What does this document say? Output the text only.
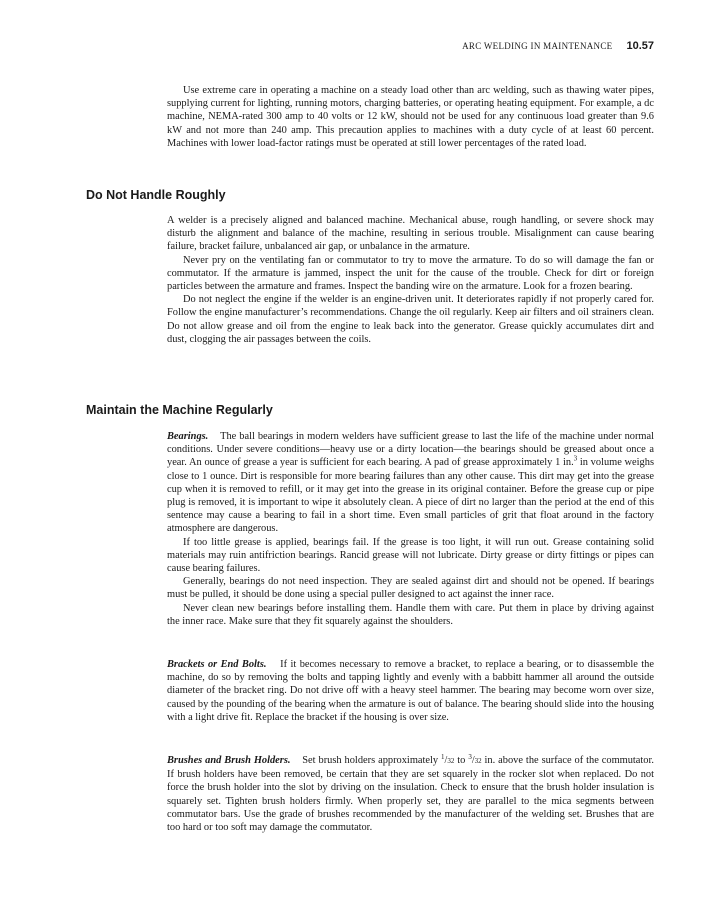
ARC WELDING IN MAINTENANCE 10.57

Use extreme care in operating a machine on a steady load other than arc welding, such as thawing water pipes, supplying current for lighting, running motors, charging batteries, or operating heating equipment. For example, a dc machine, NEMA-rated 300 amp to 40 volts or 12 kW, should not be used for any continuous load greater than 9.6 kW and not more than 240 amp. This precaution applies to machines with a duty cycle of at least 60 percent. Machines with lower load-factor ratings must be operated at still lower percentages of the rated load.

Do Not Handle Roughly

A welder is a precisely aligned and balanced machine. Mechanical abuse, rough handling, or severe shock may disturb the alignment and balance of the machine, resulting in serious trouble. Misalignment can cause bearing failure, bracket failure, unbalanced air gap, or unbalance in the armature.

Never pry on the ventilating fan or commutator to try to move the armature. To do so will damage the fan or commutator. If the armature is jammed, inspect the unit for the cause of the trouble. Check for dirt or foreign particles between the armature and frames. Inspect the banding wire on the armature. Look for a frozen bearing.

Do not neglect the engine if the welder is an engine-driven unit. It deteriorates rapidly if not properly cared for. Follow the engine manufacturer’s recommendations. Change the oil regularly. Keep air filters and oil strainers clean. Do not allow grease and oil from the engine to leak back into the generator. Grease quickly accumulates dirt and dust, clogging the air passages between the coils.

Maintain the Machine Regularly

Bearings. The ball bearings in modern welders have sufficient grease to last the life of the machine under normal conditions. Under severe conditions—heavy use or a dirty location—the bearings should be greased about once a year. An ounce of grease a year is sufficient for each bearing. A pad of grease approximately 1 in.$^3$ in volume weighs close to 1 ounce. Dirt is responsible for more bearing failures than any other cause. This dirt may get into the grease cup when it is removed to refill, or it may get into the grease in its original container. Before the grease cup or pipe plug is removed, it is important to wipe it absolutely clean. A piece of dirt no larger than the period at the end of this sentence may cause a bearing to fail in a short time. Even small particles of grit that float around in the factory atmosphere are dangerous.

If too little grease is applied, bearings fail. If the grease is too light, it will run out. Grease containing solid materials may ruin antifriction bearings. Rancid grease will not lubricate. Dirty grease or dirty fittings or pipes can cause bearing failures.

Generally, bearings do not need inspection. They are sealed against dirt and should not be opened. If bearings must be pulled, it should be done using a special puller designed to act against the inner race.

Never clean new bearings before installing them. Handle them with care. Put them in place by driving against the inner race. Make sure that they fit squarely against the shoulders.

Brackets or End Bolts. If it becomes necessary to remove a bracket, to replace a bearing, or to disassemble the machine, do so by removing the bolts and tapping lightly and evenly with a babbitt hammer all around the outside diameter of the bracket ring. Do not drive off with a heavy steel hammer. The bearing may become worn over size, caused by the pounding of the bearing when the armature is out of balance. The bearing should slide into the housing with a light drive fit. Replace the bracket if the housing is over size.

Brushes and Brush Holders. Set brush holders approximately $^1$/32 to $^3$/32 in. above the surface of the commutator. If brush holders have been removed, be certain that they are set squarely in the rocker slot when replaced. Do not force the brush holder into the slot by driving on the insulation. Check to ensure that the brush holder insulation is squarely set. Tighten brush holders firmly. When properly set, they are parallel to the mica segments between commutator bars. Use the grade of brushes recommended by the manufacturer of the welding set. Brushes that are too hard or too soft may damage the commutator.
